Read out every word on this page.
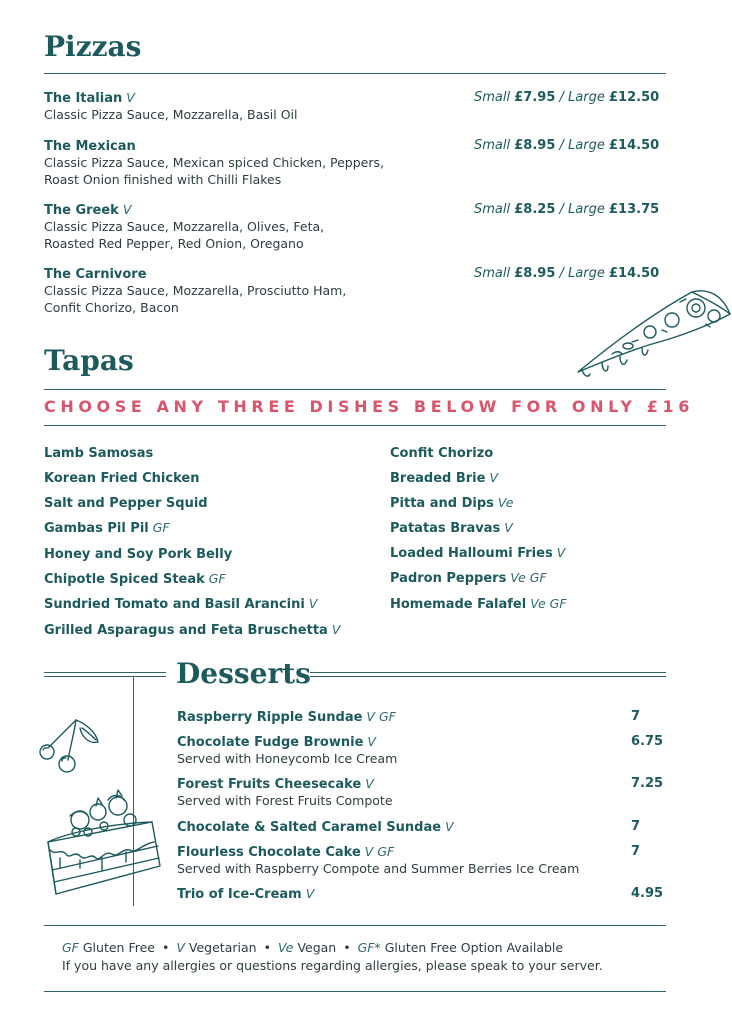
Pizzas
The Italian V
Classic Pizza Sauce, Mozzarella, Basil Oil
Small £7.95 / Large £12.50
The Mexican
Classic Pizza Sauce, Mexican spiced Chicken, Peppers,
Roast Onion finished with Chilli Flakes
Small £8.95 / Large £14.50
The Greek V
Classic Pizza Sauce, Mozzarella, Olives, Feta,
Roasted Red Pepper, Red Onion, Oregano
Small £8.25 / Large £13.75
The Carnivore
Classic Pizza Sauce, Mozzarella, Prosciutto Ham,
Confit Chorizo, Bacon
Small £8.95 / Large £14.50
Tapas
CHOOSE ANY THREE DISHES BELOW FOR ONLY £16
Lamb Samosas
Korean Fried Chicken
Salt and Pepper Squid
Gambas Pil Pil GF
Honey and Soy Pork Belly
Chipotle Spiced Steak GF
Sundried Tomato and Basil Arancini V
Grilled Asparagus and Feta Bruschetta V
Confit Chorizo
Breaded Brie V
Pitta and Dips Ve
Patatas Bravas V
Loaded Halloumi Fries V
Padron Peppers Ve GF
Homemade Falafel Ve GF
Desserts
Raspberry Ripple Sundae V GF	7
Chocolate Fudge Brownie V
Served with Honeycomb Ice Cream
6.75
Forest Fruits Cheesecake V
Served with Forest Fruits Compote
7.25
Chocolate & Salted Caramel Sundae V	7
Flourless Chocolate Cake V GF
Served with Raspberry Compote and Summer Berries Ice Cream
7
Trio of Ice-Cream V	4.95
GF Gluten Free • V Vegetarian • Ve Vegan • GF* Gluten Free Option Available
If you have any allergies or questions regarding allergies, please speak to your server.
